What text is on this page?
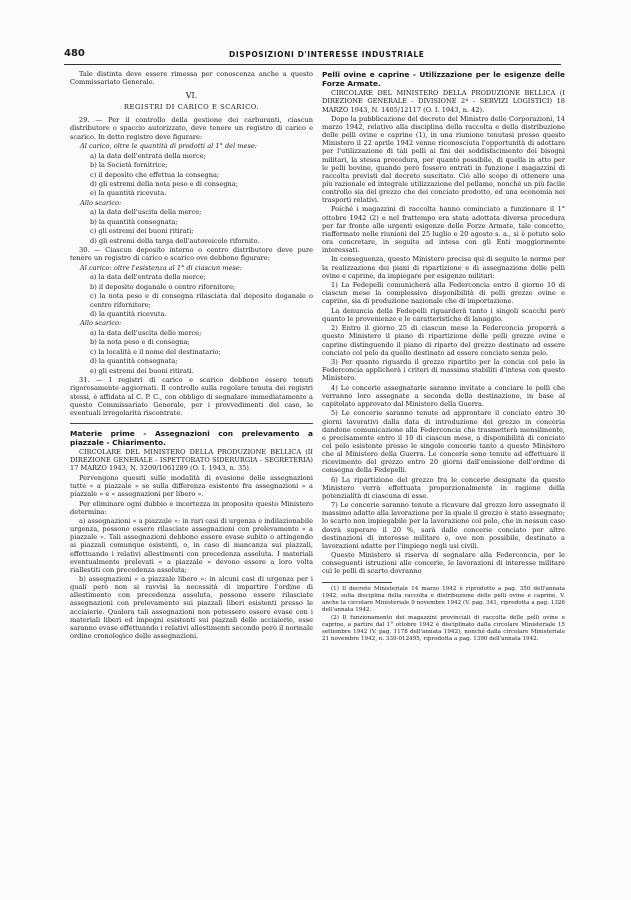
480	DISPOSIZIONI D'INTERESSE INDUSTRIALE

Tale distinta deve essere rimessa per conoscenza anche a questo Commissariato Generale.

VI.
REGISTRI DI CARICO E SCARICO.

29. — Per il controllo della gestione dei carburanti, ciascun distributore o spaccio autorizzato, deve tenere un registro di carico e scarico. In detto registro deve figurare:

Al carico, oltre le quantità di prodotti al 1° del mese:

a) la data dell'entrata della merce;

b) la Società fornitrice;

c) il deposito che effettua la consegna;

d) gli estremi della nota peso e di consegna;

e) la quantità ricevuta.

Allo scarico:

a) la data dell'uscita della merce;

b) la quantità consegnata;

c) gli estremi dei buoni ritirati;

d) gli estremi della targa dell'autoveicolo rifornito.

30. — Ciascun deposito interno o centro distributore deve pure tenere un registro di carico e scarico ove debbono figurare:

Al carico: oltre l'esistenza al 1° di ciascun mese:

a) la data dell'entrata della merce;

b) il deposito doganale o centro rifornitore;

c) la nota peso e di consegna rilasciata dal deposito doganale o centro rifornitore;

d) la quantità ricevuta.

Allo scarico:

a) la data dell'uscita delle merce;

b) la nota peso e di consegna;

c) la località e il nome del destinatario;

d) la quantità consegnata;

e) gli estremi dei buoni ritirati.

31. — I registri di carico e scarico debbono essere tenuti rigorosamente aggiornati. Il controllo sulla regolare tenuta dei registri stessi, è affidata al C. P. C., con obbligo di segnalare immediatamente a questo Commissariato Generale, per i provvedimenti del caso, le eventuali irregolarità riscontrate.

Materie prime - Assegnazioni con prelevamento a piazzale - Chiarimento.

CIRCOLARE DEL MINISTERO DELLA PRODUZIONE BELLICA (II DIREZIONE GENERALE - ISPETTORATO SIDERURGIA - SEGRETERIA) 17 MARZO 1943, N. 3209/1061289 (O. I. 1943, n. 35).

Pervengono quesiti sulle modalità di evasione delle assegnazioni tutte « a piazzale » se sulla differenza esistente fra assegnazioni « a piazzale » e « assegnazioni per libero ».

Per eliminare ogni dubbio e incertezza in proposito questo Ministero determina:

a) assegnazioni « a piazzale »: in rari casi di urgenza e indilazionabile urgenza, possono essere rilasciate assegnazioni con prelevamento « a piazzale ». Tali assegnazioni debbono essere evase subito o attingendo ai piazzali comunque esistenti, o, in caso di mancanza sui piazzali, effettuando i relativi allestimenti con precedenza assoluta. I materiali eventualmente prelevati « a piazzale » devono essere a loro volta riallestiti con precedenza assoluta;

b) assegnazioni « a piazzale libero »: in alcuni casi di urgenza per i quali però non si ravvisi la necessità di impartire l'ordine di allestimento con precedenza assoluta, possono essere rilasciate assegnazioni con prelevamento sui piazzali liberi esistenti presso le acciaierie. Qualora tali assegnazioni non potessero essere evase con i materiali liberi ed impegni esistenti sui piazzali delle acciaierie, esse saranno evase effettuando i relativi allestimenti secondo però il normale ordine cronologico delle assegnazioni.

Pelli ovine e caprine - Utilizzazione per le esigenze delle Forze Armate.

CIRCOLARE DEL MINISTERO DELLA PRODUZIONE BELLICA (I DIREZIONE GENERALE - DIVISIONE 2ª - SERVIZI LOGISTICI) 18 MARZO 1943, N. 1405/12117 (O. I. 1943, n. 42).

Dopo la pubblicazione del decreto del Ministro delle Corporazioni, 14 marzo 1942, relativo alla disciplina della raccolta e della distribuzione delle pelli ovine e caprine (1), in una riunione tenutasi presso questo Ministero il 22 aprile 1942 venne riconosciuta l'opportunità di adottare per l'utilizzazione di tali pelli ai fini dei soddisfacimento dei bisogni militari, la stessa procedura, per quanto possibile, di quella in atto per le pelli bovine, quando però fossero entrati in funzione i magazzini di raccolta previsti dal decreto suscitato. Ciò allo scopo di ottenere una più razionale ed integrale utilizzazione del pellame, nonché un più facile controllo sia del grezzo che dei conciato prodotto, ed una economia nei trasporti relativi.

Poiché i magazzini di raccolta hanno cominciato a funzionare il 1° ottobre 1942 (2) e nel frattempo era stata adottata diversa procedura per far fronte alle urgenti esigenze delle Forze Armate, tale concetto, riaffermato nelle riunioni del 25 luglio e 20 agosto s. a., si è potuto solo ora concretare, in seguito ad intesa con gli Enti maggiormente interessati.

In conseguenza, questo Ministero precisa qui di seguito le norme per la realizzazione dei piani di ripartizione e di assegnazione delle pelli ovine e caprine, da impiegare per esigenze militari:

1) La Fedepelli comunicherà alla Federconcia entro il giorno 10 di ciascun mese la complessiva disponibilità di pelli grezze ovine e caprine, sia di produzione nazionale che di importazione.

La denuncia della Fedepelli riguarderà tanto i singoli scacchi però quanto le provenienze e le caratteristiche di lanaggio.

2) Entro il giorno 25 di ciascun mese la Federconcia proporrà a questo Ministero il piano di ripartizione delle pelli grezze ovine e caprine distinguendo il piano di riparto del grezzo destinato ad essere conciato col pelo da quello destinato ad essere conciato senza pelo.

3) Per quanto riguarda il grezzo ripartito per la concia col pelo la Federconcia applicherà i criteri di massima stabiliti d'intesa con questo Ministero.

4) Le concerie assegnatarie saranno invitate a conciare le pelli che verranno loro assegnate a seconda della destinazione, in base al capitolato approvato dal Ministero della Guerra.

5) Le concerie saranno tenute ad approntare il conciato entro 30 giorni lavorativi dalla data di introduzione del grezzo in conceria dandone comunicazione alla Federconcia che trasmetterà mensilmente, e precisamente entro il 10 di ciascun mese, a disponibilità di conciato col pelo esistente presso le singole concerie tanto a questo Ministero che al Ministero della Guerra. Le conceríe sono tenute ad effettuare il ricevimento del grezzo entro 20 giorni dall'emissione dell'ordine di consegna della Fedepelli.

6) La ripartizione del grezzo fra le concerie designate da questo Ministero verrà effettuata proporzionalmente in ragione della potenzialità di ciascuna di esse.

7) Le concerie saranno tenute a ricavare dal grezzo loro assegnato il massimo adatto alla lavorazione per la quale il grezzo è stato assegnato; lo scarto non impiegabile per la lavorazione col pelo, che in nessun caso dovrà superare il 20 %, sarà dalle concerie conciato per altre destinazioni di interesse militare e, ove non possibile, destinato a lavorazioni adatte per l'impiego negli usi civili.

Questo Ministero si riserva di segnalare alla Federconcia, per le conseguenti istruzioni alle concerie, le lavorazioni di interesse militare cui le pelli di scarto dovranno

(1) Il decreto Ministeriale 14 marzo 1942 è riprodotto a pag. 350 dell'annata 1942, sulla disciplina della raccolta e distribuzione delle pelli ovine e caprine, V. anche la circolare Ministeriale 9 novembre 1942 (V. pag. 341, riprodotta a pag. 1326 dell'annata 1942.

(2) Il funzionamento dei magazzini provinciali di raccolta delle pelli ovine e caprine, a partire dal 1° ottobre 1942 è disciplinato dalla circolare Ministeriale 15 settembre 1942 (V. pag. 1178 dell'annata 1942), nonché dalla circolare Ministeriale 21 novembre 1942, n. 339-012495, riprodotta a pag. 1390 dell'annata 1942.
